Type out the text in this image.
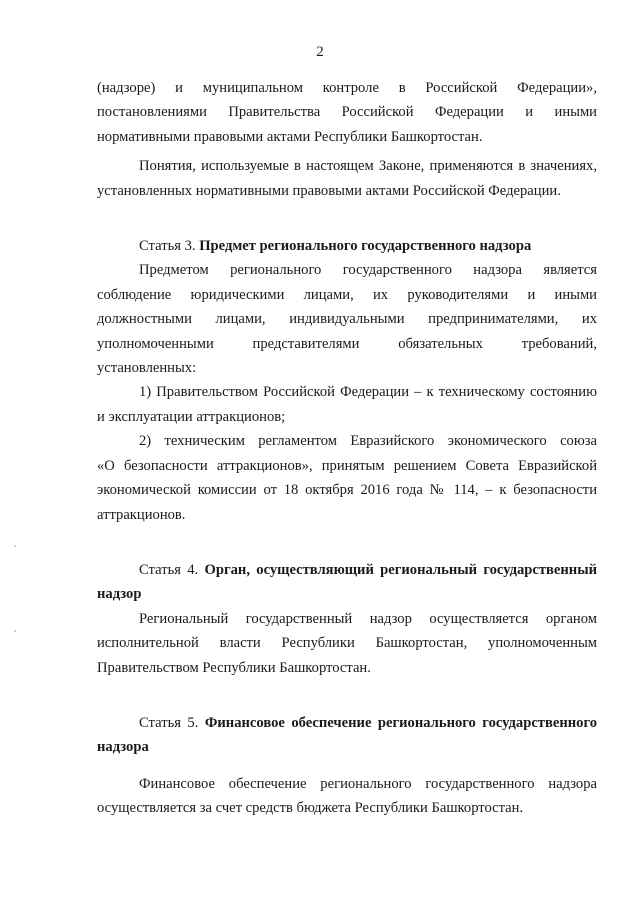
2
(надзоре) и муниципальном контроле в Российской Федерации»,
постановлениями Правительства Российской Федерации и иными
нормативными правовыми актами Республики Башкортостан.
Понятия, используемые в настоящем Законе, применяются в значениях,
установленных нормативными правовыми актами Российской Федерации.
Статья 3. Предмет регионального государственного надзора
Предметом регионального государственного надзора является
соблюдение юридическими лицами, их руководителями и иными
должностными лицами, индивидуальными предпринимателями, их
уполномоченными представителями обязательных требований,
установленных:
1) Правительством Российской Федерации – к техническому состоянию
и эксплуатации аттракционов;
2) техническим регламентом Евразийского экономического союза
«О безопасности аттракционов», принятым решением Совета Евразийской
экономической комиссии от 18 октября 2016 года № 114, – к безопасности
аттракционов.
Статья 4. Орган, осуществляющий региональный государственный
надзор
Региональный государственный надзор осуществляется органом
исполнительной власти Республики Башкортостан, уполномоченным
Правительством Республики Башкортостан.
Статья 5. Финансовое обеспечение регионального государственного
надзора
Финансовое обеспечение регионального государственного надзора
осуществляется за счет средств бюджета Республики Башкортостан.
